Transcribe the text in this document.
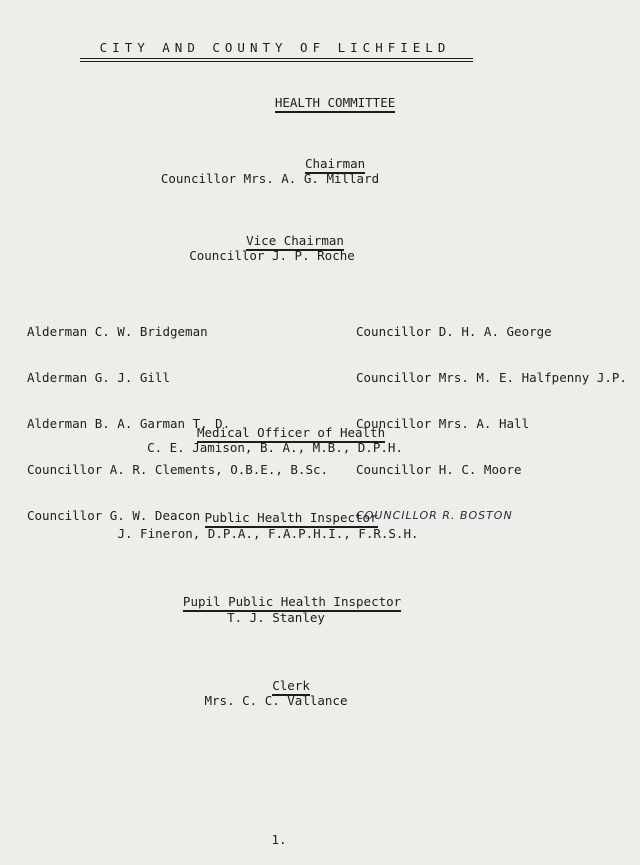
CITY AND COUNTY OF LICHFIELD

HEALTH COMMITTEE

Chairman

Councillor Mrs. A. G. Millard

Vice Chairman

Councillor J. P. Roche

Alderman C. W. Bridgeman

Alderman G. J. Gill

Alderman B. A. Garman T. D.

Councillor A. R. Clements, O.B.E., B.Sc.

Councillor G. W. Deacon

Councillor D. H. A. George

Councillor Mrs. M. E. Halfpenny J.P.

Councillor Mrs. A. Hall

Councillor H. C. Moore

COUNCILLOR R. BOSTON

Medical Officer of Health

C. E. Jamison, B. A., M.B., D.P.H.

Public Health Inspector

J. Fineron, D.P.A., F.A.P.H.I., F.R.S.H.

Pupil Public Health Inspector

T. J. Stanley

Clerk

Mrs. C. C. Vallance
1.
